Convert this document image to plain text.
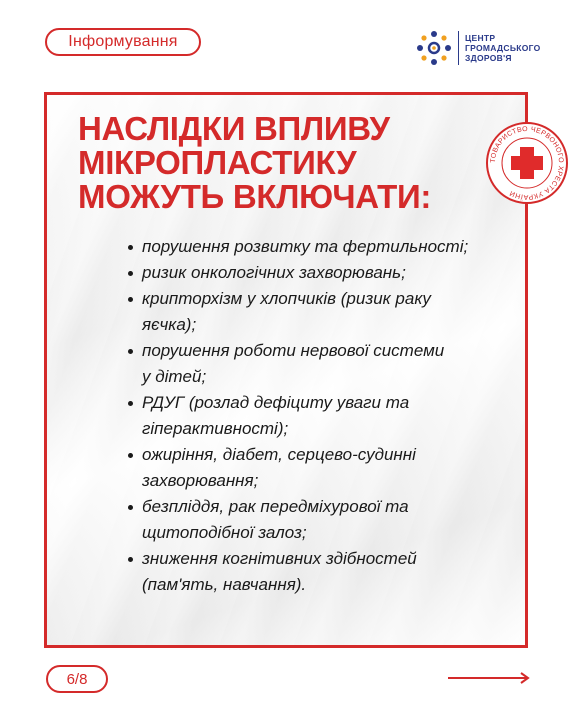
Інформування	ЦЕНТР
ГРОМАДСЬКОГО
ЗДОРОВ'Я
НАСЛІДКИ ВПЛИВУ
МІКРОПЛАСТИКУ
МОЖУТЬ ВКЛЮЧАТИ:
ТОВАРИСТВО ЧЕРВОНОГО ХРЕСТА УКРАЇНИ
порушення розвитку та фертильності;
ризик онкологічних захворювань;
крипторхізм у хлопчиків (ризик раку
яєчка);
порушення роботи нервової системи
у дітей;
РДУГ (розлад дефіциту уваги та
гіперактивності);
ожиріння, діабет, серцево-судинні
захворювання;
безпліддя, рак передміхурової та
щитоподібної залоз;
зниження когнітивних здібностей
(пам'ять, навчання).
6/8
